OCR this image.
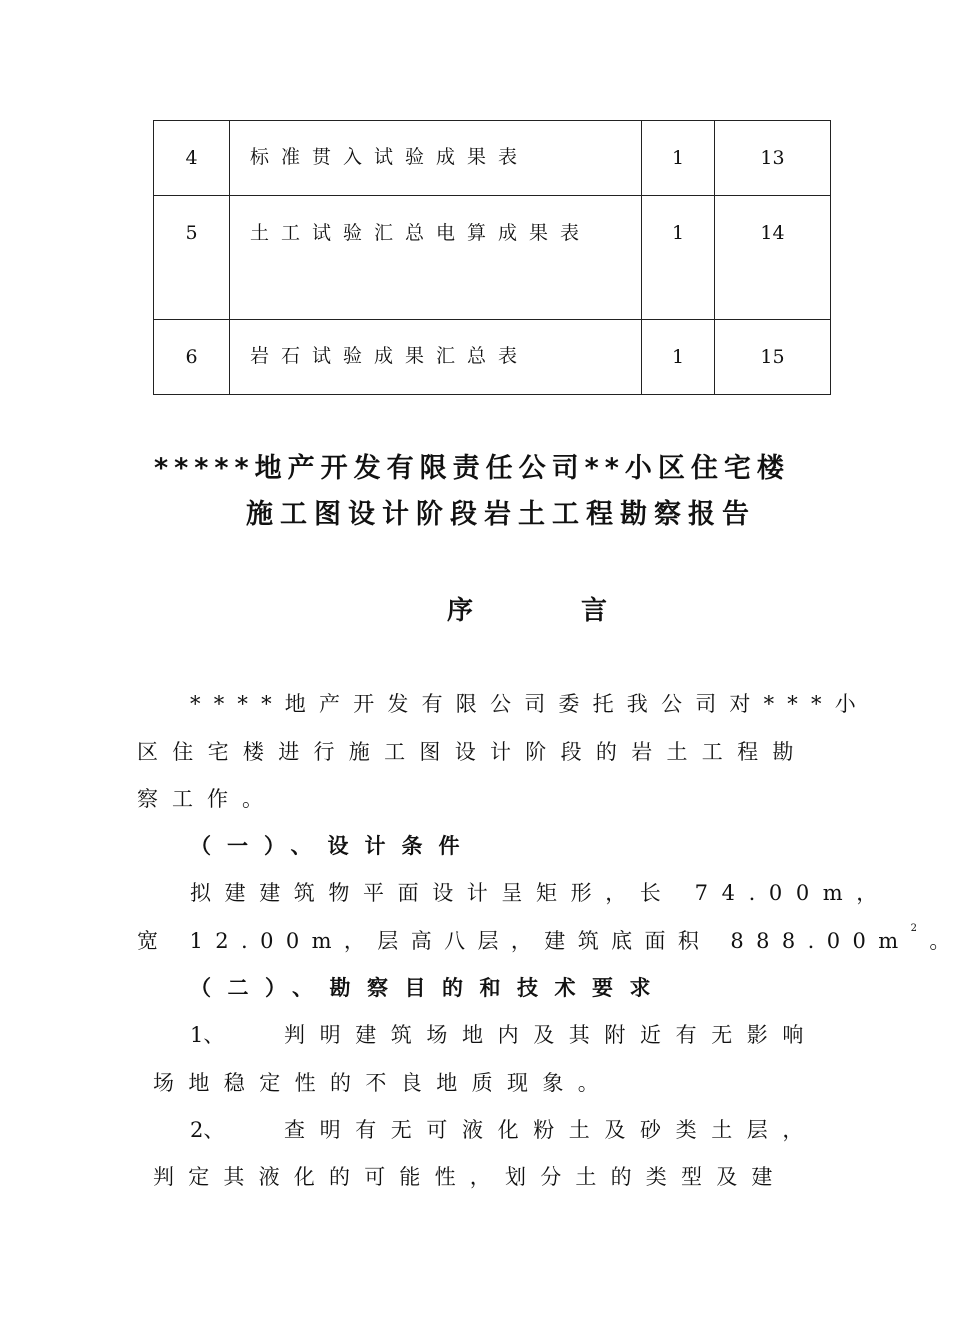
4	标准贯入试验成果表	1	13
5	土工试验汇总电算成果表	1	14
6	岩石试验成果汇总表	1	15
*****地产开发有限责任公司**小区住宅楼
施工图设计阶段岩土工程勘察报告
序	言
****地产开发有限公司委托我公司对***小
区住宅楼进行施工图设计阶段的岩土工程勘
察工作。
（一）、设计条件
拟建建筑物平面设计呈矩形，长 74.00m，
宽 12.00m，层高八层，建筑底面积 $888.00m^2$。
（二）、勘察目的和技术要求
1、	判明建筑场地内及其附近有无影响
场地稳定性的不良地质现象。
2、	查明有无可液化粉土及砂类土层，
判定其液化的可能性，划分土的类型及建
